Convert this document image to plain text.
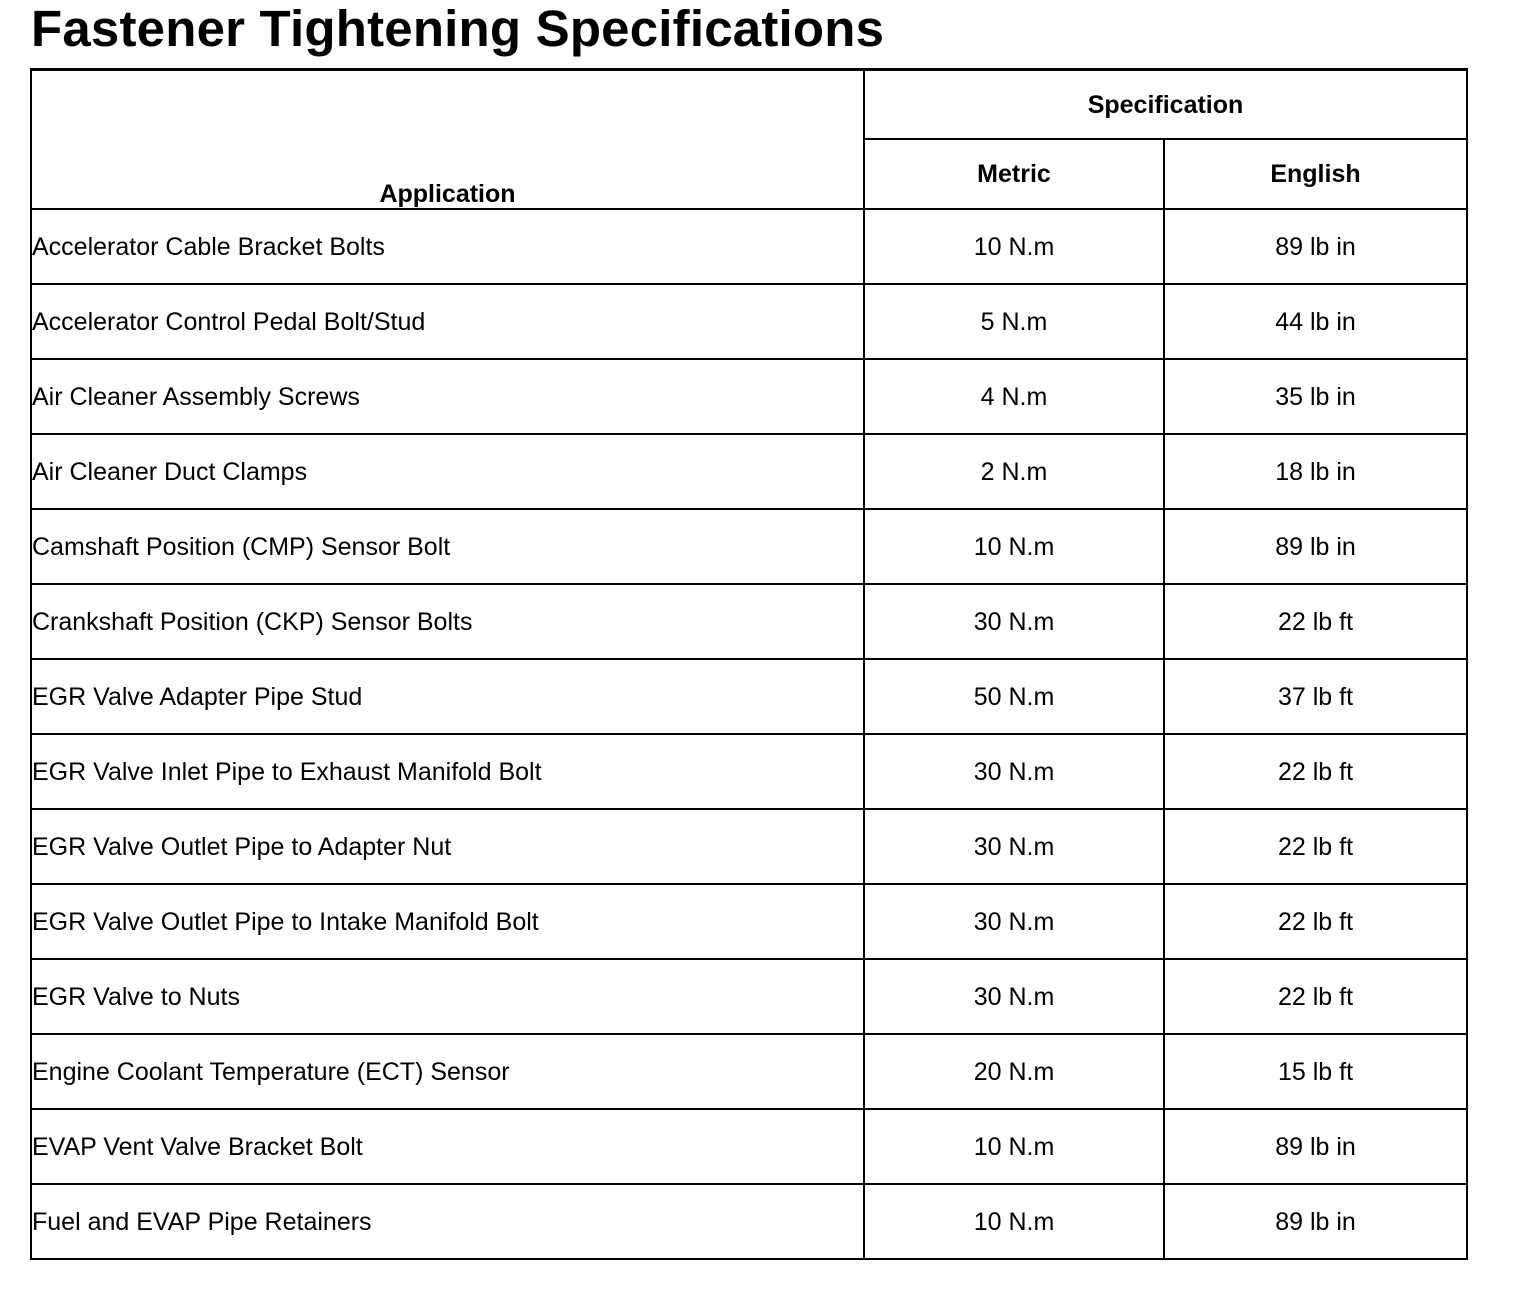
Fastener Tightening Specifications
Application	Specification	
	Metric	English
Accelerator Cable Bracket Bolts	10 N.m	89 lb in
Accelerator Control Pedal Bolt/Stud	5 N.m	44 lb in
Air Cleaner Assembly Screws	4 N.m	35 lb in
Air Cleaner Duct Clamps	2 N.m	18 lb in
Camshaft Position (CMP) Sensor Bolt	10 N.m	89 lb in
Crankshaft Position (CKP) Sensor Bolts	30 N.m	22 lb ft
EGR Valve Adapter Pipe Stud	50 N.m	37 lb ft
EGR Valve Inlet Pipe to Exhaust Manifold Bolt	30 N.m	22 lb ft
EGR Valve Outlet Pipe to Adapter Nut	30 N.m	22 lb ft
EGR Valve Outlet Pipe to Intake Manifold Bolt	30 N.m	22 lb ft
EGR Valve to Nuts	30 N.m	22 lb ft
Engine Coolant Temperature (ECT) Sensor	20 N.m	15 lb ft
EVAP Vent Valve Bracket Bolt	10 N.m	89 lb in
Fuel and EVAP Pipe Retainers	10 N.m	89 lb in
